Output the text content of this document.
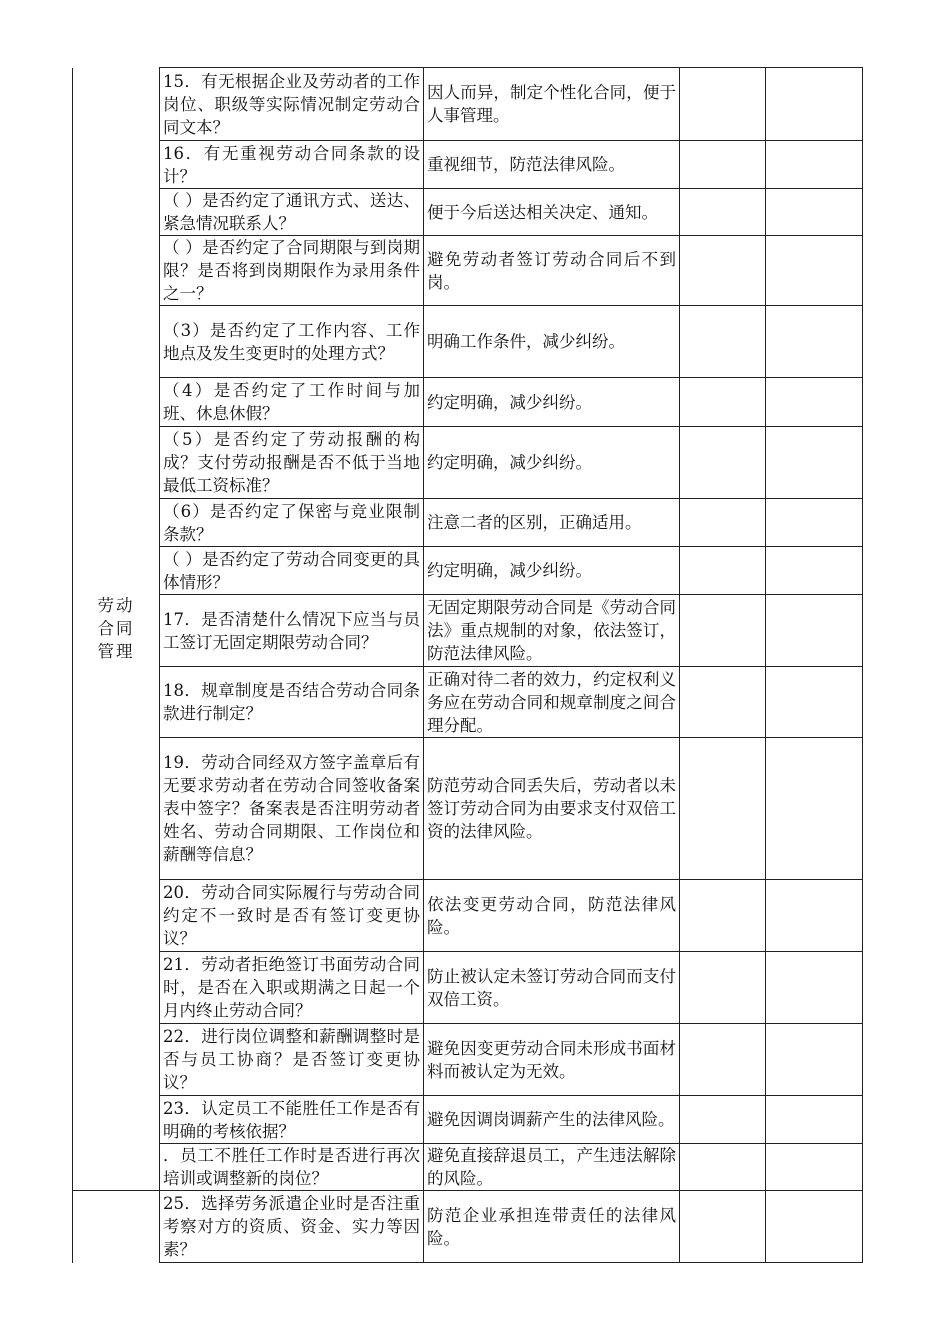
劳动
合同
管理	15．有无根据企业及劳动者的工作岗位、职级等实际情况制定劳动合同文本？	因人而异，制定个性化合同，便于人事管理。		
	16．有无重视劳动合同条款的设计？	重视细节，防范法律风险。		
	（ ）是否约定了通讯方式、送达、紧急情况联系人？	便于今后送达相关决定、通知。		
	（ ）是否约定了合同期限与到岗期限？是否将到岗期限作为录用条件之一？	避免劳动者签订劳动合同后不到岗。		
	（3）是否约定了工作内容、工作地点及发生变更时的处理方式？	明确工作条件，减少纠纷。		
	（4）是否约定了工作时间与加班、休息休假？	约定明确，减少纠纷。		
	（5）是否约定了劳动报酬的构成？支付劳动报酬是否不低于当地最低工资标准？	约定明确，减少纠纷。		
	（6）是否约定了保密与竞业限制条款？	注意二者的区别，正确适用。		
	（ ）是否约定了劳动合同变更的具体情形？	约定明确，减少纠纷。		
	17．是否清楚什么情况下应当与员工签订无固定期限劳动合同？	无固定期限劳动合同是《劳动合同法》重点规制的对象，依法签订，防范法律风险。		
	18．规章制度是否结合劳动合同条款进行制定？	正确对待二者的效力，约定权利义务应在劳动合同和规章制度之间合理分配。		
	19．劳动合同经双方签字盖章后有无要求劳动者在劳动合同签收备案表中签字？备案表是否注明劳动者姓名、劳动合同期限、工作岗位和薪酬等信息？	防范劳动合同丢失后，劳动者以未签订劳动合同为由要求支付双倍工资的法律风险。		
	20．劳动合同实际履行与劳动合同约定不一致时是否有签订变更协议？	依法变更劳动合同，防范法律风险。		
	21．劳动者拒绝签订书面劳动合同时，是否在入职或期满之日起一个月内终止劳动合同？	防止被认定未签订劳动合同而支付双倍工资。		
	22．进行岗位调整和薪酬调整时是否与员工协商？是否签订变更协议？	避免因变更劳动合同未形成书面材料而被认定为无效。		
	23．认定员工不能胜任工作是否有明确的考核依据？	避免因调岗调薪产生的法律风险。		
	．员工不胜任工作时是否进行再次培训或调整新的岗位？	避免直接辞退员工，产生违法解除的风险。		
	25．选择劳务派遣企业时是否注重考察对方的资质、资金、实力等因素？	防范企业承担连带责任的法律风险。		
